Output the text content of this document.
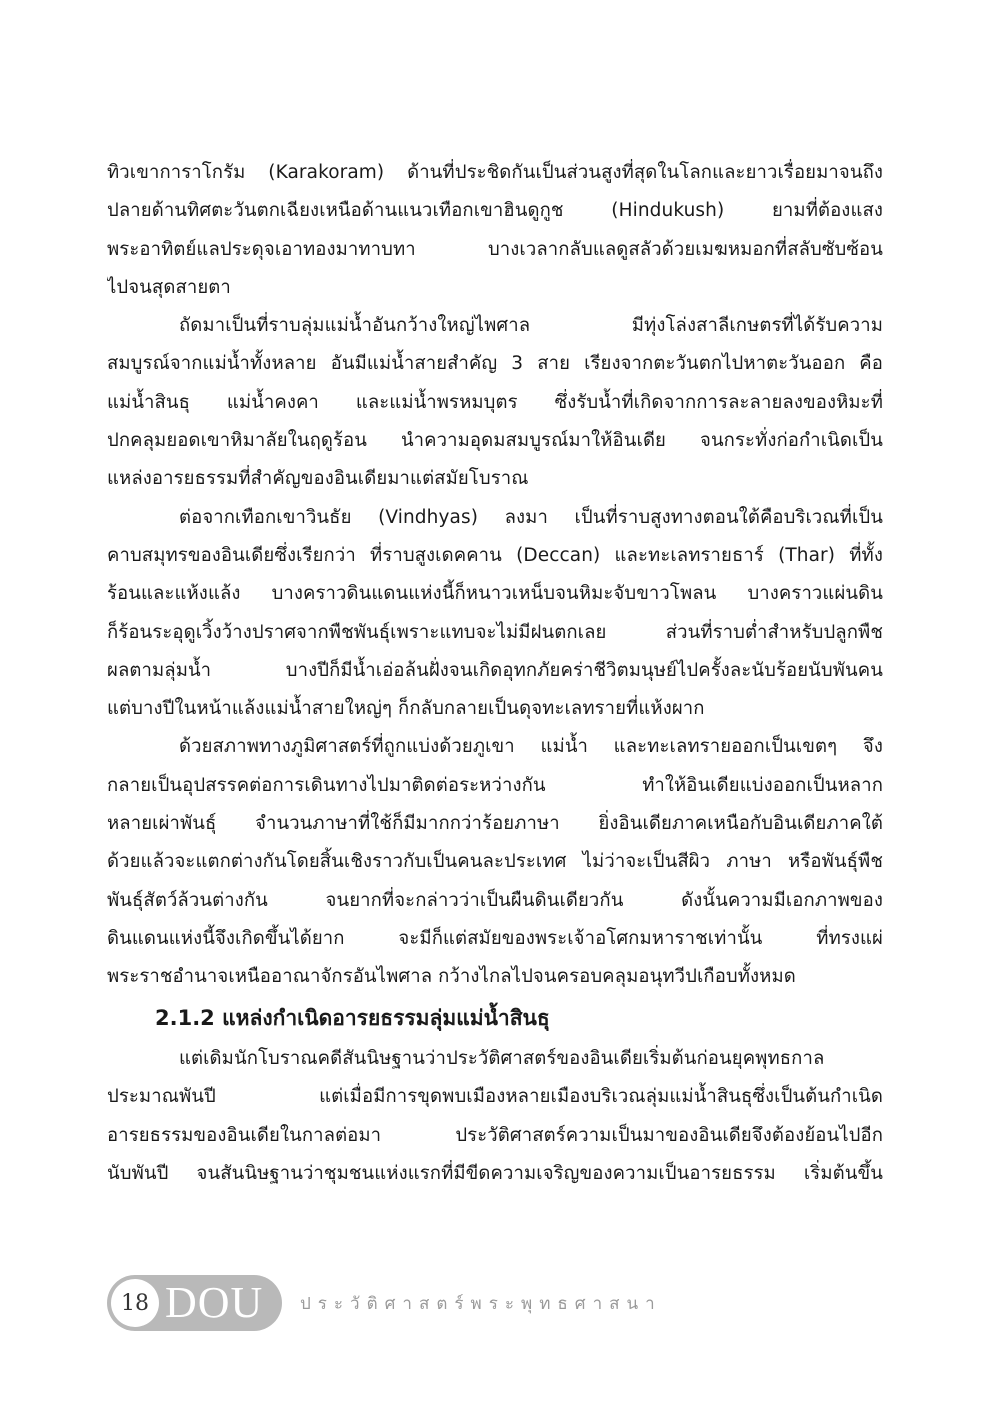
ทิวเขาการาโกรัม (Karakoram) ด้านที่ประชิดกันเป็นส่วนสูงที่สุดในโลกและยาวเรื่อยมาจนถึง
ปลายด้านทิศตะวันตกเฉียงเหนือด้านแนวเทือกเขาฮินดูกูช (Hindukush) ยามที่ต้องแสง
พระอาทิตย์แลประดุจเอาทองมาทาบทา บางเวลากลับแลดูสลัวด้วยเมฆหมอกที่สลับซับซ้อน
ไปจนสุดสายตา

ถัดมาเป็นที่ราบลุ่มแม่น้ำอันกว้างใหญ่ไพศาล มีทุ่งโล่งสาลีเกษตรที่ได้รับความ
สมบูรณ์จากแม่น้ำทั้งหลาย อันมีแม่น้ำสายสำคัญ 3 สาย เรียงจากตะวันตกไปหาตะวันออก คือ
แม่น้ำสินธุ แม่น้ำคงคา และแม่น้ำพรหมบุตร ซึ่งรับน้ำที่เกิดจากการละลายลงของหิมะที่
ปกคลุมยอดเขาหิมาลัยในฤดูร้อน นำความอุดมสมบูรณ์มาให้อินเดีย จนกระทั่งก่อกำเนิดเป็น
แหล่งอารยธรรมที่สำคัญของอินเดียมาแต่สมัยโบราณ

ต่อจากเทือกเขาวินธัย (Vindhyas) ลงมา เป็นที่ราบสูงทางตอนใต้คือบริเวณที่เป็น
คาบสมุทรของอินเดียซึ่งเรียกว่า ที่ราบสูงเดคคาน (Deccan) และทะเลทรายธาร์ (Thar) ที่ทั้ง
ร้อนและแห้งแล้ง บางคราวดินแดนแห่งนี้ก็หนาวเหน็บจนหิมะจับขาวโพลน บางคราวแผ่นดิน
ก็ร้อนระอุดูเวิ้งว้างปราศจากพืชพันธุ์เพราะแทบจะไม่มีฝนตกเลย ส่วนที่ราบต่ำสำหรับปลูกพืช
ผลตามลุ่มน้ำ บางปีก็มีน้ำเอ่อล้นฝั่งจนเกิดอุทกภัยคร่าชีวิตมนุษย์ไปครั้งละนับร้อยนับพันคน
แต่บางปีในหน้าแล้งแม่น้ำสายใหญ่ๆ ก็กลับกลายเป็นดุจทะเลทรายที่แห้งผาก

ด้วยสภาพทางภูมิศาสตร์ที่ถูกแบ่งด้วยภูเขา แม่น้ำ และทะเลทรายออกเป็นเขตๆ จึง
กลายเป็นอุปสรรคต่อการเดินทางไปมาติดต่อระหว่างกัน ทำให้อินเดียแบ่งออกเป็นหลาก
หลายเผ่าพันธุ์ จำนวนภาษาที่ใช้ก็มีมากกว่าร้อยภาษา ยิ่งอินเดียภาคเหนือกับอินเดียภาคใต้
ด้วยแล้วจะแตกต่างกันโดยสิ้นเชิงราวกับเป็นคนละประเทศ ไม่ว่าจะเป็นสีผิว ภาษา หรือพันธุ์พืช
พันธุ์สัตว์ล้วนต่างกัน จนยากที่จะกล่าวว่าเป็นผืนดินเดียวกัน ดังนั้นความมีเอกภาพของ
ดินแดนแห่งนี้จึงเกิดขึ้นได้ยาก จะมีก็แต่สมัยของพระเจ้าอโศกมหาราชเท่านั้น ที่ทรงแผ่
พระราชอำนาจเหนืออาณาจักรอันไพศาล กว้างไกลไปจนครอบคลุมอนุทวีปเกือบทั้งหมด

2.1.2 แหล่งกำเนิดอารยธรรมลุ่มแม่น้ำสินธุ

แต่เดิมนักโบราณคดีสันนิษฐานว่าประวัติศาสตร์ของอินเดียเริ่มต้นก่อนยุคพุทธกาล
ประมาณพันปี แต่เมื่อมีการขุดพบเมืองหลายเมืองบริเวณลุ่มแม่น้ำสินธุซึ่งเป็นต้นกำเนิด
อารยธรรมของอินเดียในกาลต่อมา ประวัติศาสตร์ความเป็นมาของอินเดียจึงต้องย้อนไปอีก
นับพันปี จนสันนิษฐานว่าชุมชนแห่งแรกที่มีขีดความเจริญของความเป็นอารยธรรม เริ่มต้นขึ้น

18 DOU ประวัติศาสตร์พระพุทธศาสนา
